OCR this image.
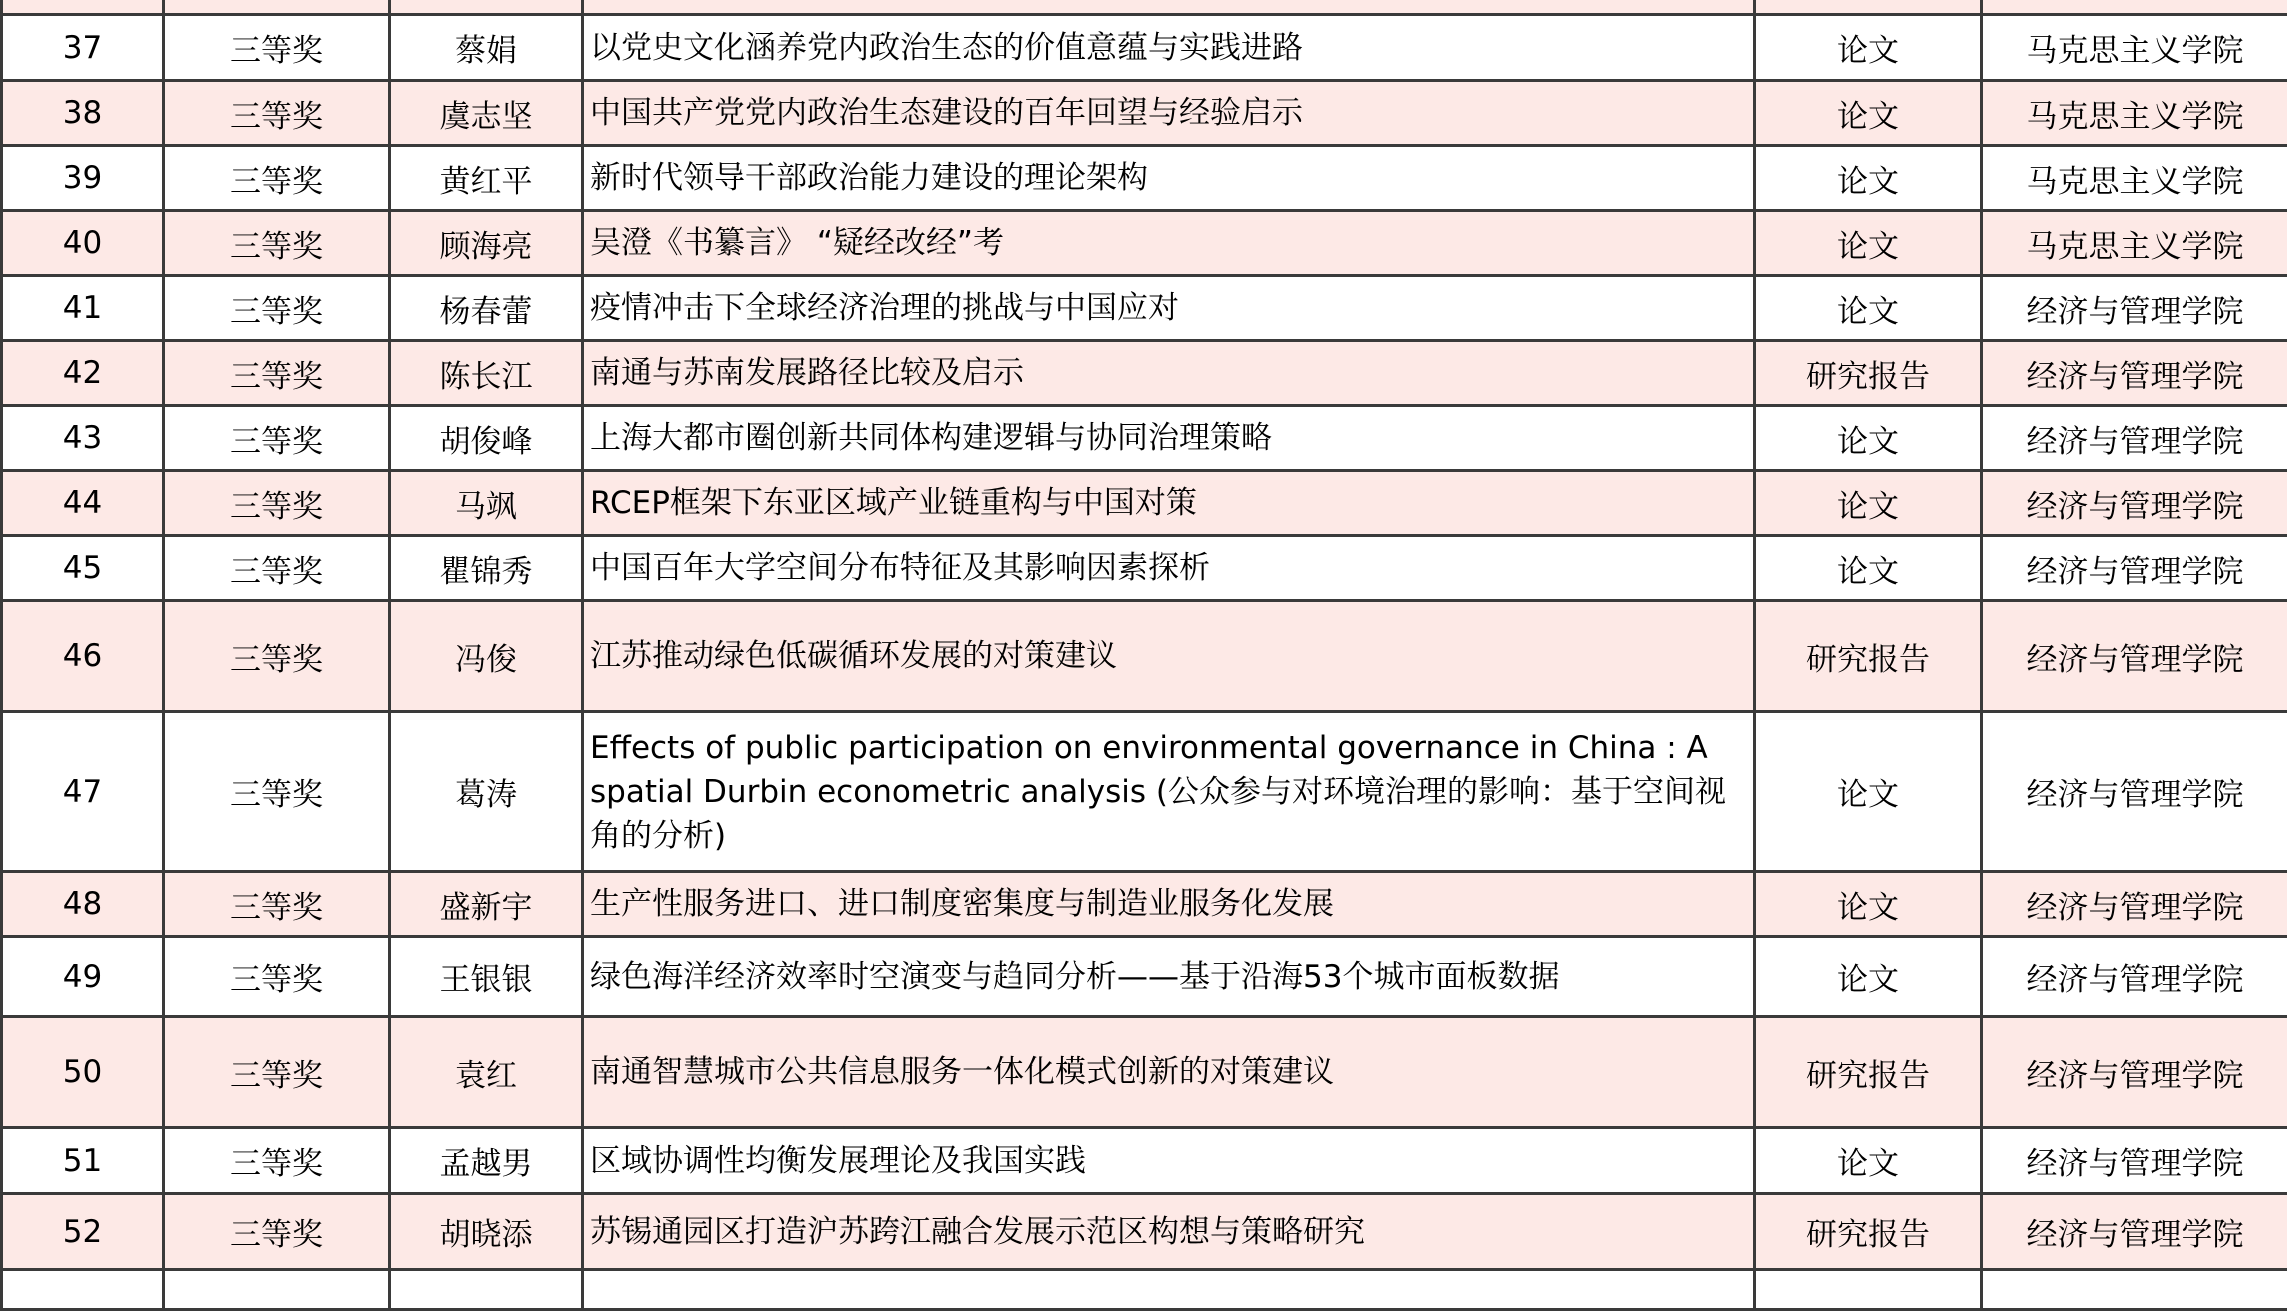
37	三等奖	蔡娟	以党史文化涵养党内政治生态的价值意蕴与实践进路	论文	马克思主义学院
38	三等奖	虞志坚	中国共产党党内政治生态建设的百年回望与经验启示	论文	马克思主义学院
39	三等奖	黄红平	新时代领导干部政治能力建设的理论架构	论文	马克思主义学院
40	三等奖	顾海亮	吴澄《书纂言》 “疑经改经”考	论文	马克思主义学院
41	三等奖	杨春蕾	疫情冲击下全球经济治理的挑战与中国应对	论文	经济与管理学院
42	三等奖	陈长江	南通与苏南发展路径比较及启示	研究报告	经济与管理学院
43	三等奖	胡俊峰	上海大都市圈创新共同体构建逻辑与协同治理策略	论文	经济与管理学院
44	三等奖	马飒	RCEP框架下东亚区域产业链重构与中国对策	论文	经济与管理学院
45	三等奖	瞿锦秀	中国百年大学空间分布特征及其影响因素探析	论文	经济与管理学院
46	三等奖	冯俊	江苏推动绿色低碳循环发展的对策建议	研究报告	经济与管理学院
47	三等奖	葛涛	Effects of public participation on environmental governance in China : A spatial Durbin econometric analysis (公众参与对环境治理的影响：基于空间视角的分析)	论文	经济与管理学院
48	三等奖	盛新宇	生产性服务进口、进口制度密集度与制造业服务化发展	论文	经济与管理学院
49	三等奖	王银银	绿色海洋经济效率时空演变与趋同分析——基于沿海53个城市面板数据	论文	经济与管理学院
50	三等奖	袁红	南通智慧城市公共信息服务一体化模式创新的对策建议	研究报告	经济与管理学院
51	三等奖	孟越男	区域协调性均衡发展理论及我国实践	论文	经济与管理学院
52	三等奖	胡晓添	苏锡通园区打造沪苏跨江融合发展示范区构想与策略研究	研究报告	经济与管理学院
